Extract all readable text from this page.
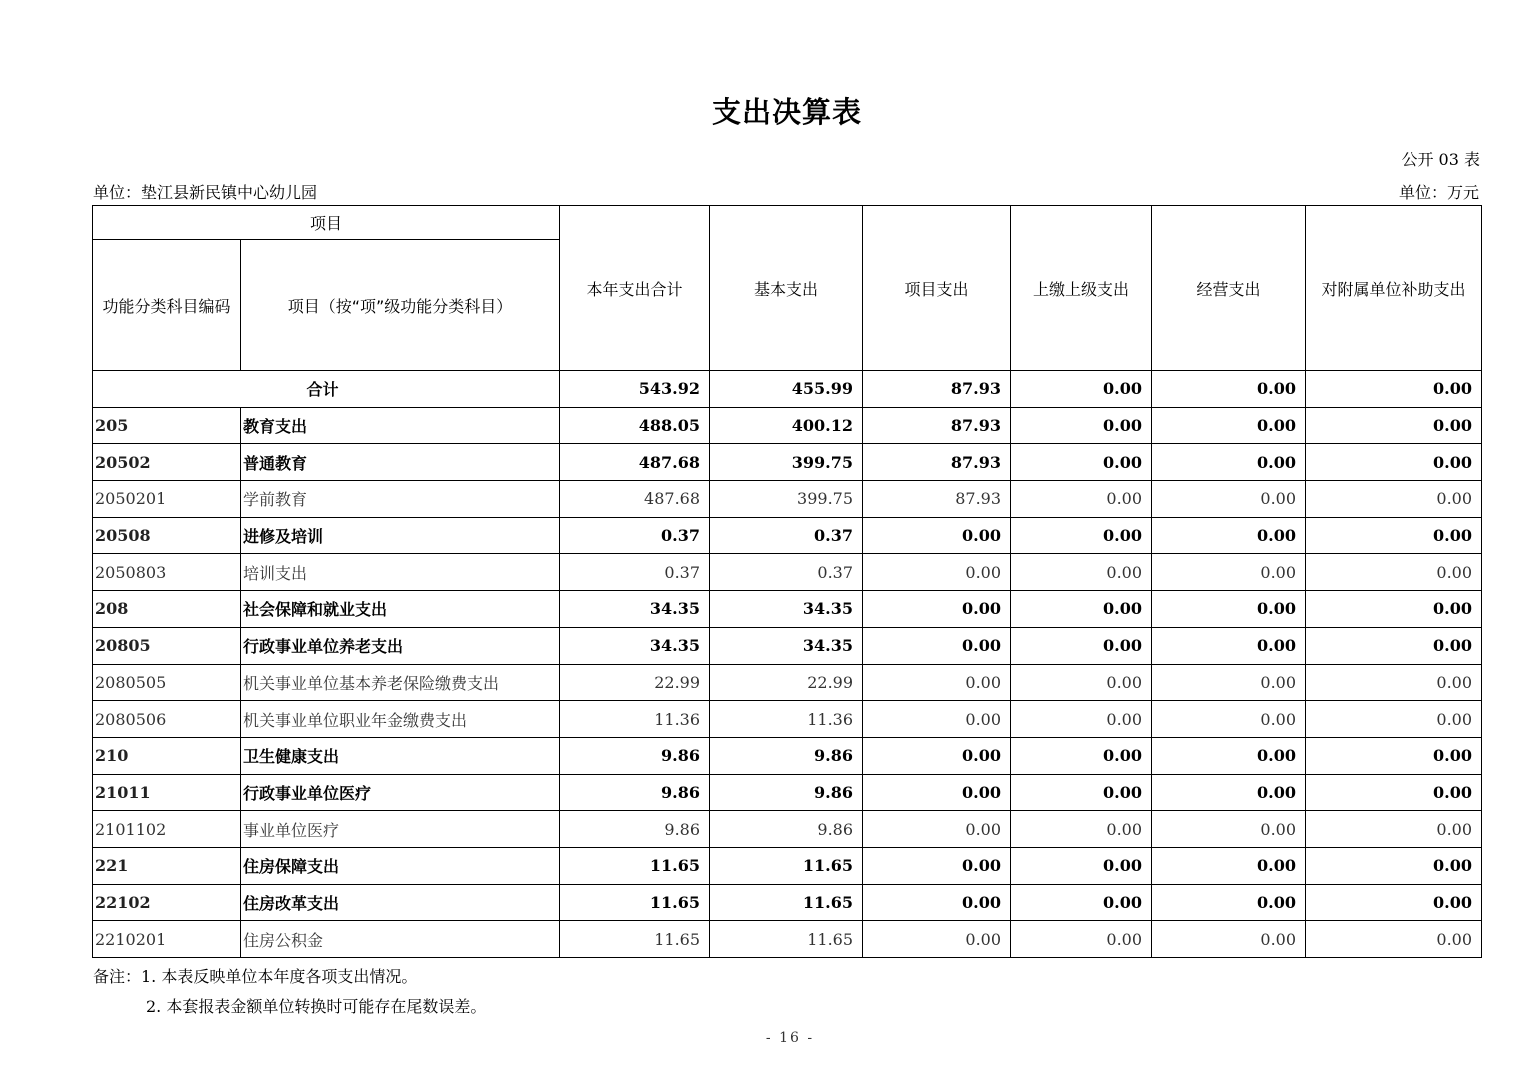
支出决算表
公开 03 表
单位：垫江县新民镇中心幼儿园	单位：万元
项目		本年支出合计	基本支出	项目支出	上缴上级支出	经营支出	对附属单位补助支出
功能分类科目编码	项目（按“项”级功能分类科目）						
合计		543.92	455.99	87.93	0.00	0.00	0.00
205	教育支出	488.05	400.12	87.93	0.00	0.00	0.00
20502	普通教育	487.68	399.75	87.93	0.00	0.00	0.00
2050201	学前教育	487.68	399.75	87.93	0.00	0.00	0.00
20508	进修及培训	0.37	0.37	0.00	0.00	0.00	0.00
2050803	培训支出	0.37	0.37	0.00	0.00	0.00	0.00
208	社会保障和就业支出	34.35	34.35	0.00	0.00	0.00	0.00
20805	行政事业单位养老支出	34.35	34.35	0.00	0.00	0.00	0.00
2080505	机关事业单位基本养老保险缴费支出	22.99	22.99	0.00	0.00	0.00	0.00
2080506	机关事业单位职业年金缴费支出	11.36	11.36	0.00	0.00	0.00	0.00
210	卫生健康支出	9.86	9.86	0.00	0.00	0.00	0.00
21011	行政事业单位医疗	9.86	9.86	0.00	0.00	0.00	0.00
2101102	事业单位医疗	9.86	9.86	0.00	0.00	0.00	0.00
221	住房保障支出	11.65	11.65	0.00	0.00	0.00	0.00
22102	住房改革支出	11.65	11.65	0.00	0.00	0.00	0.00
2210201	住房公积金	11.65	11.65	0.00	0.00	0.00	0.00
备注：1. 本表反映单位本年度各项支出情况。
2. 本套报表金额单位转换时可能存在尾数误差。
- 16 -
